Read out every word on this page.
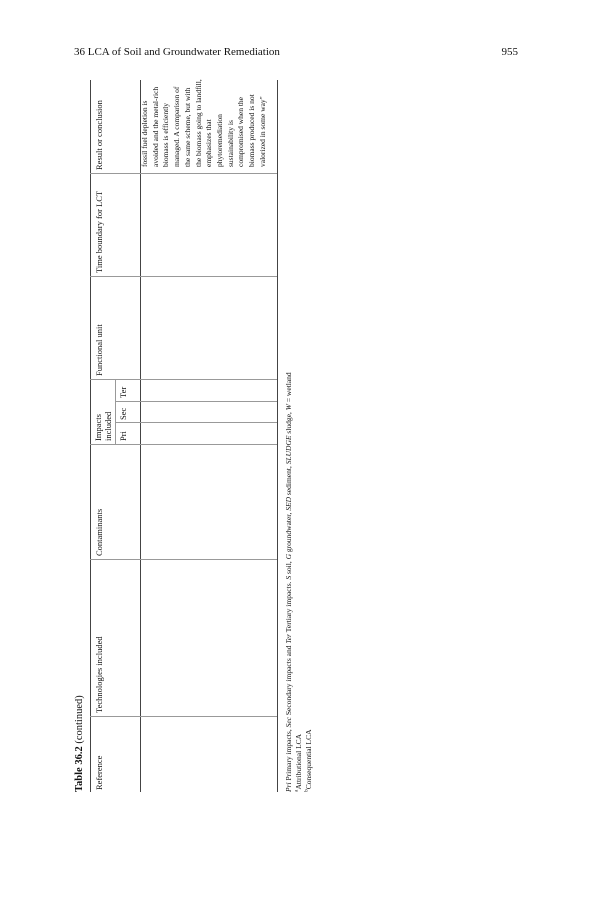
36 LCA of Soil and Groundwater Remediation	955
Table 36.2 (continued)
Reference
Technologies included
Contaminants
Impacts included Pri
Sec
Ter
Functional unit
Time boundary for LCT
Result or conclusion	fossil fuel depletion is avoided and the metal-rich biomass is efficiently managed. A comparison of the same scheme, but with the biomass going to landfill, emphasizes that phytoremediation sustainability is compromised when the biomass produced is not valorized in some way"
Pri Primary impacts, Sec Secondary impacts and Ter Tertiary impacts. S soil, G groundwater, SED sediment, SLUDGE sludge, W = wetland
$^a$Attributional LCA
$^b$Consequential LCA
